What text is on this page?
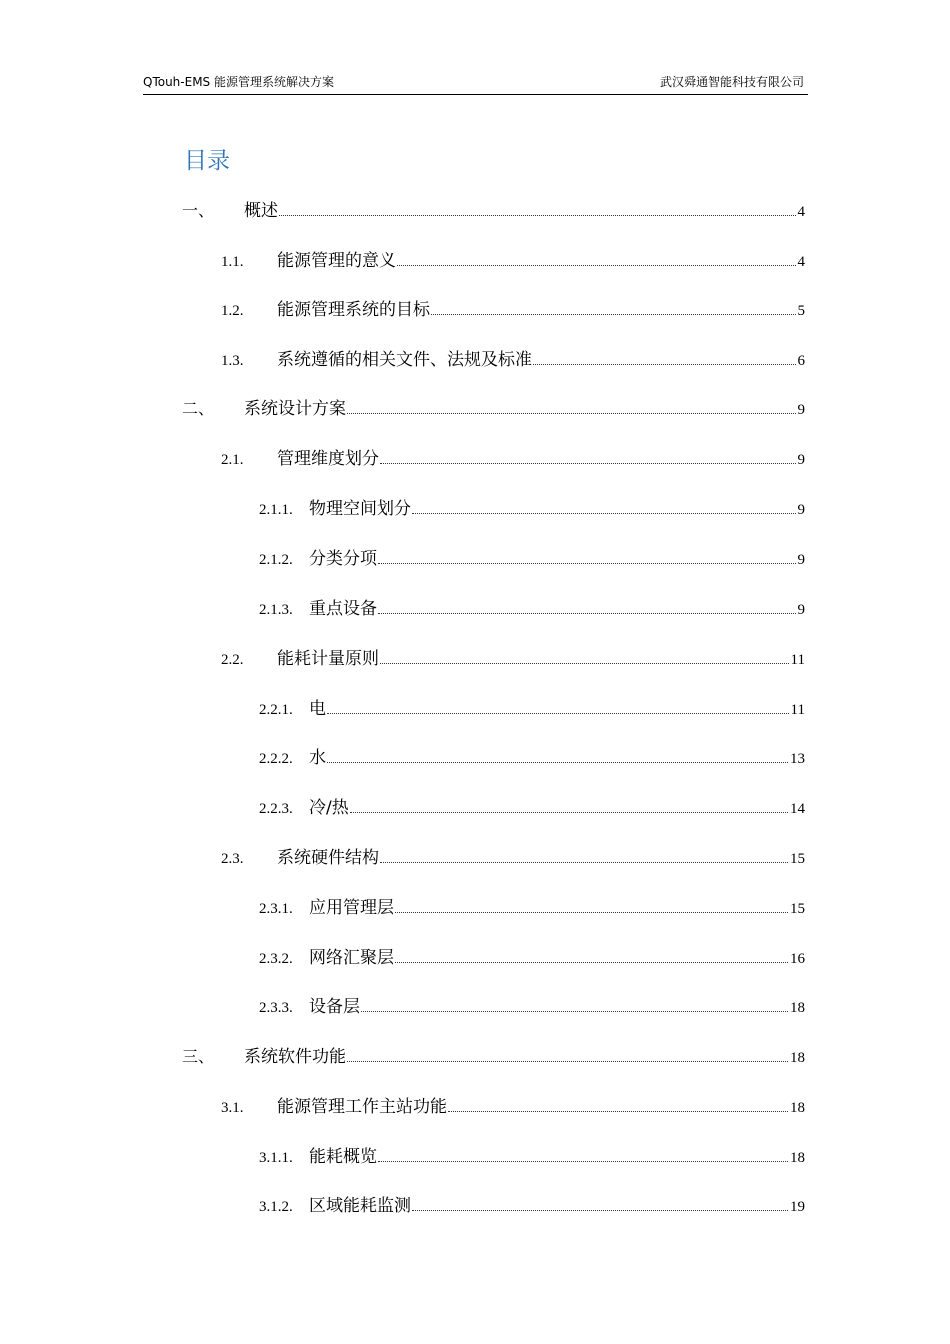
QTouh-EMS 能源管理系统解决方案	武汉舜通智能科技有限公司
目录
一、	概述	4
1.1.	能源管理的意义	4
1.2.	能源管理系统的目标	5
1.3.	系统遵循的相关文件、法规及标准	6
二、	系统设计方案	9
2.1.	管理维度划分	9
2.1.1. 物理空间划分	9
2.1.2. 分类分项	9
2.1.3. 重点设备	9
2.2.	能耗计量原则	11
2.2.1. 电	11
2.2.2. 水	13
2.2.3. 冷/热	14
2.3.	系统硬件结构	15
2.3.1. 应用管理层	15
2.3.2. 网络汇聚层	16
2.3.3. 设备层	18
三、	系统软件功能	18
3.1.	能源管理工作主站功能	18
3.1.1. 能耗概览	18
3.1.2. 区域能耗监测	19
